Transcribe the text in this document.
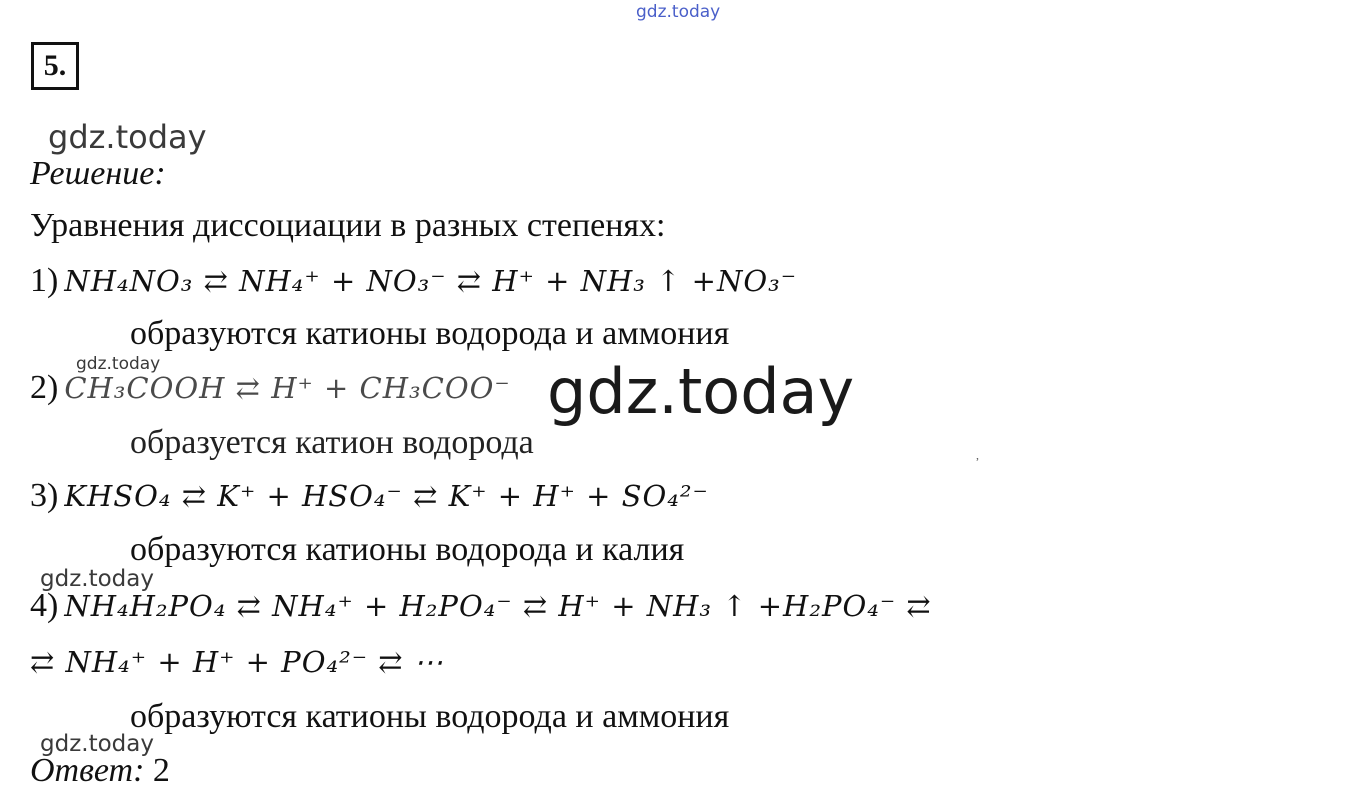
gdz.today
gdz.today
gdz.today	gdz.today
gdz.today
gdz.today
5.
Решение:
Уравнения диссоциации в разных степенях:
1) NH₄NO₃ ⇄ NH₄⁺ + NO₃⁻ ⇄ H⁺ + NH₃ ↑ +NO₃⁻
образуются катионы водорода и аммония
2) CH₃COOH ⇄ H⁺ + CH₃COO⁻
образуется катион водорода	,
3) KHSO₄ ⇄ K⁺ + HSO₄⁻ ⇄ K⁺ + H⁺ + SO₄²⁻
образуются катионы водорода и калия
4) NH₄H₂PO₄ ⇄ NH₄⁺ + H₂PO₄⁻ ⇄ H⁺ + NH₃ ↑ +H₂PO₄⁻ ⇄
⇄ NH₄⁺ + H⁺ + PO₄²⁻ ⇄ ⋯
образуются катионы водорода и аммония
Ответ: 2
